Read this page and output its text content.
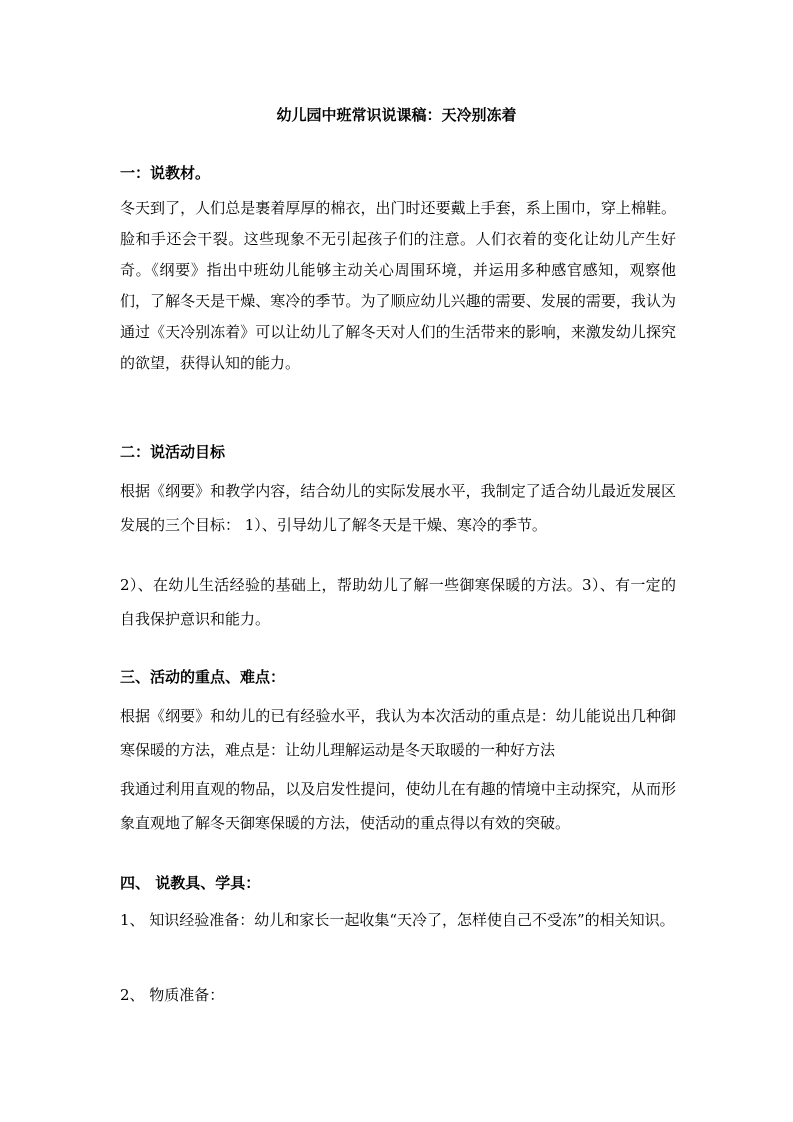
幼儿园中班常识说课稿：天冷别冻着
一：说教材。
冬天到了，人们总是裹着厚厚的棉衣，出门时还要戴上手套，系上围巾，穿上棉鞋。脸和手还会干裂。这些现象不无引起孩子们的注意。人们衣着的变化让幼儿产生好奇。《纲要》指出中班幼儿能够主动关心周围环境，并运用多种感官感知，观察他们，了解冬天是干燥、寒冷的季节。为了顺应幼儿兴趣的需要、发展的需要，我认为通过《天冷别冻着》可以让幼儿了解冬天对人们的生活带来的影响，来激发幼儿探究的欲望，获得认知的能力。
二：说活动目标
根据《纲要》和教学内容，结合幼儿的实际发展水平，我制定了适合幼儿最近发展区发展的三个目标： 1）、引导幼儿了解冬天是干燥、寒冷的季节。
2）、在幼儿生活经验的基础上，帮助幼儿了解一些御寒保暖的方法。3）、有一定的自我保护意识和能力。
三、活动的重点、难点：
根据《纲要》和幼儿的已有经验水平，我认为本次活动的重点是：幼儿能说出几种御寒保暖的方法，难点是：让幼儿理解运动是冬天取暖的一种好方法
我通过利用直观的物品，以及启发性提问，使幼儿在有趣的情境中主动探究，从而形象直观地了解冬天御寒保暖的方法，使活动的重点得以有效的突破。
四、 说教具、学具：
1、 知识经验准备：幼儿和家长一起收集“天冷了，怎样使自己不受冻”的相关知识。
2、 物质准备：
